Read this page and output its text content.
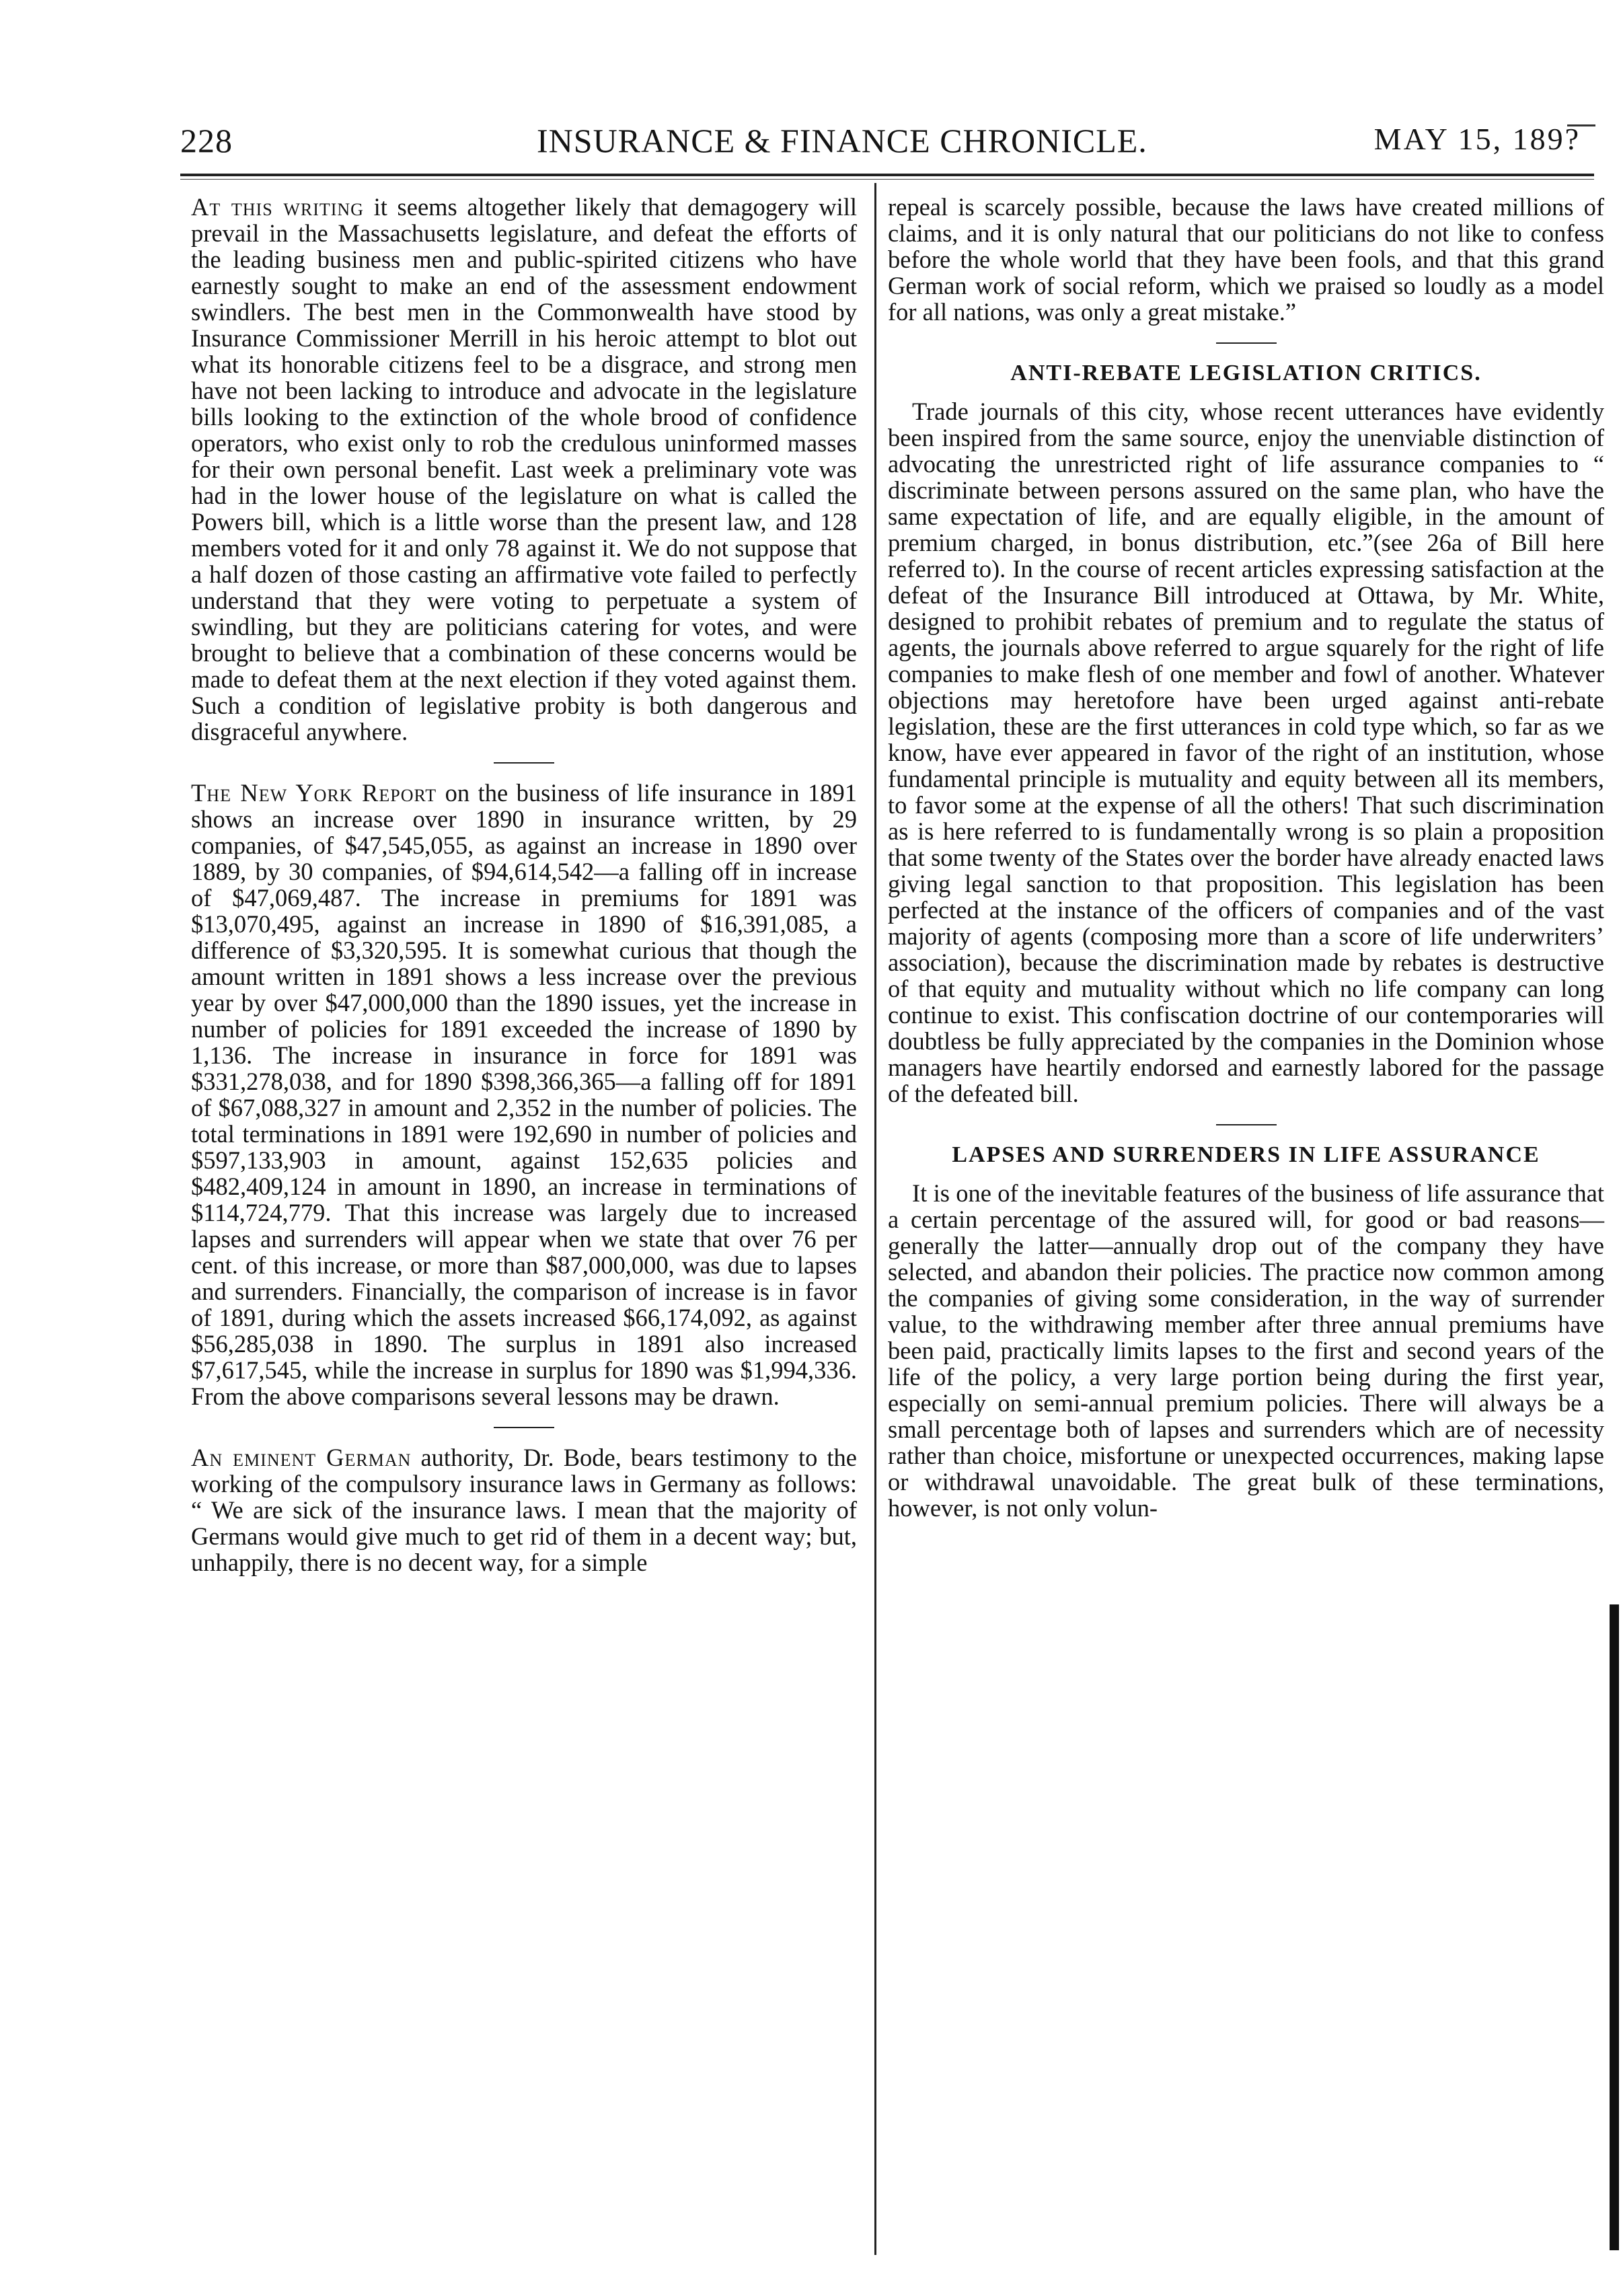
228	INSURANCE & FINANCE CHRONICLE.	MAY 15, 189?

At this writing it seems altogether likely that demagogery will prevail in the Massachusetts legislature, and defeat the efforts of the leading business men and public-spirited citizens who have earnestly sought to make an end of the assessment endowment swindlers. The best men in the Commonwealth have stood by Insurance Commissioner Merrill in his heroic attempt to blot out what its honorable citizens feel to be a disgrace, and strong men have not been lacking to introduce and advocate in the legislature bills looking to the extinction of the whole brood of confidence operators, who exist only to rob the credulous uninformed masses for their own personal benefit. Last week a preliminary vote was had in the lower house of the legislature on what is called the Powers bill, which is a little worse than the present law, and 128 members voted for it and only 78 against it. We do not suppose that a half dozen of those casting an affirmative vote failed to perfectly understand that they were voting to perpetuate a system of swindling, but they are politicians catering for votes, and were brought to believe that a combination of these concerns would be made to defeat them at the next election if they voted against them. Such a condition of legislative probity is both dangerous and disgraceful anywhere.

The New York Report on the business of life insurance in 1891 shows an increase over 1890 in insurance written, by 29 companies, of $47,545,055, as against an increase in 1890 over 1889, by 30 companies, of $94,614,542—a falling off in increase of $47,069,487. The increase in premiums for 1891 was $13,070,495, against an increase in 1890 of $16,391,085, a difference of $3,320,595. It is somewhat curious that though the amount written in 1891 shows a less increase over the previous year by over $47,000,000 than the 1890 issues, yet the increase in number of policies for 1891 exceeded the increase of 1890 by 1,136. The increase in insurance in force for 1891 was $331,278,038, and for 1890 $398,366,365—a falling off for 1891 of $67,088,327 in amount and 2,352 in the number of policies. The total terminations in 1891 were 192,690 in number of policies and $597,133,903 in amount, against 152,635 policies and $482,409,124 in amount in 1890, an increase in terminations of $114,724,779. That this increase was largely due to increased lapses and surrenders will appear when we state that over 76 per cent. of this increase, or more than $87,000,000, was due to lapses and surrenders. Financially, the comparison of increase is in favor of 1891, during which the assets increased $66,174,092, as against $56,285,038 in 1890. The surplus in 1891 also increased $7,617,545, while the increase in surplus for 1890 was $1,994,336. From the above comparisons several lessons may be drawn.

An eminent German authority, Dr. Bode, bears testimony to the working of the compulsory insurance laws in Germany as follows: “ We are sick of the insurance laws. I mean that the majority of Germans would give much to get rid of them in a decent way; but, unhappily, there is no decent way, for a simple

repeal is scarcely possible, because the laws have created millions of claims, and it is only natural that our politicians do not like to confess before the whole world that they have been fools, and that this grand German work of social reform, which we praised so loudly as a model for all nations, was only a great mistake.”

ANTI-REBATE LEGISLATION CRITICS.

Trade journals of this city, whose recent utterances have evidently been inspired from the same source, enjoy the unenviable distinction of advocating the unrestricted right of life assurance companies to “ discriminate between persons assured on the same plan, who have the same expectation of life, and are equally eligible, in the amount of premium charged, in bonus distribution, etc.”(see 26a of Bill here referred to). In the course of recent articles expressing satisfaction at the defeat of the Insurance Bill introduced at Ottawa, by Mr. White, designed to prohibit rebates of premium and to regulate the status of agents, the journals above referred to argue squarely for the right of life companies to make flesh of one member and fowl of another. Whatever objections may heretofore have been urged against anti-rebate legislation, these are the first utterances in cold type which, so far as we know, have ever appeared in favor of the right of an institution, whose fundamental principle is mutuality and equity between all its members, to favor some at the expense of all the others! That such discrimination as is here referred to is fundamentally wrong is so plain a proposition that some twenty of the States over the border have already enacted laws giving legal sanction to that proposition. This legislation has been perfected at the instance of the officers of companies and of the vast majority of agents (composing more than a score of life underwriters’ association), because the discrimination made by rebates is destructive of that equity and mutuality without which no life company can long continue to exist. This confiscation doctrine of our contemporaries will doubtless be fully appreciated by the companies in the Dominion whose managers have heartily endorsed and earnestly labored for the passage of the defeated bill.

LAPSES AND SURRENDERS IN LIFE ASSURANCE

It is one of the inevitable features of the business of life assurance that a certain percentage of the assured will, for good or bad reasons—generally the latter—annually drop out of the company they have selected, and abandon their policies. The practice now common among the companies of giving some consideration, in the way of surrender value, to the withdrawing member after three annual premiums have been paid, practically limits lapses to the first and second years of the life of the policy, a very large portion being during the first year, especially on semi-annual premium policies. There will always be a small percentage both of lapses and surrenders which are of necessity rather than choice, misfortune or unexpected occurrences, making lapse or withdrawal unavoidable. The great bulk of these terminations, however, is not only volun-
